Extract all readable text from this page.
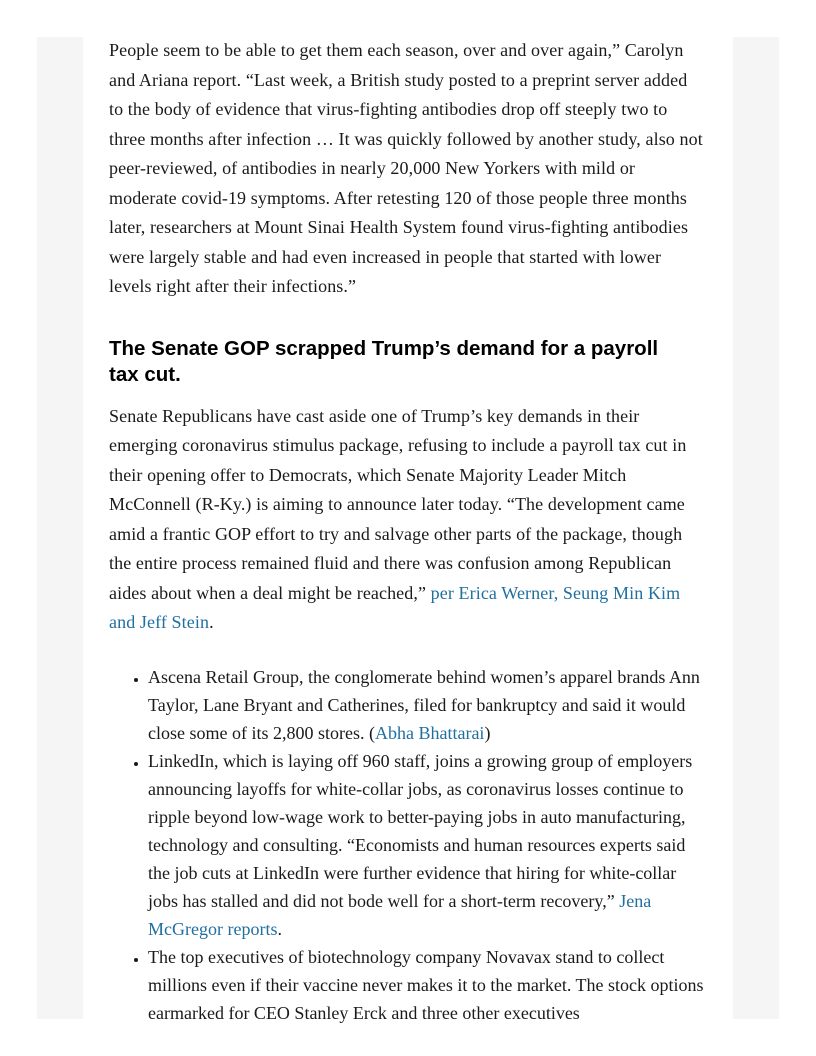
People seem to be able to get them each season, over and over again,” Carolyn and Ariana report. “Last week, a British study posted to a preprint server added to the body of evidence that virus-fighting antibodies drop off steeply two to three months after infection … It was quickly followed by another study, also not peer-reviewed, of antibodies in nearly 20,000 New Yorkers with mild or moderate covid-19 symptoms. After retesting 120 of those people three months later, researchers at Mount Sinai Health System found virus-fighting antibodies were largely stable and had even increased in people that started with lower levels right after their infections.”

The Senate GOP scrapped Trump’s demand for a payroll tax cut.

Senate Republicans have cast aside one of Trump’s key demands in their emerging coronavirus stimulus package, refusing to include a payroll tax cut in their opening offer to Democrats, which Senate Majority Leader Mitch McConnell (R-Ky.) is aiming to announce later today. “The development came amid a frantic GOP effort to try and salvage other parts of the package, though the entire process remained fluid and there was confusion among Republican aides about when a deal might be reached,” per Erica Werner, Seung Min Kim and Jeff Stein.

• Ascena Retail Group, the conglomerate behind women’s apparel brands Ann Taylor, Lane Bryant and Catherines, filed for bankruptcy and said it would close some of its 2,800 stores. (Abha Bhattarai)
• LinkedIn, which is laying off 960 staff, joins a growing group of employers announcing layoffs for white-collar jobs, as coronavirus losses continue to ripple beyond low-wage work to better-paying jobs in auto manufacturing, technology and consulting. “Economists and human resources experts said the job cuts at LinkedIn were further evidence that hiring for white-collar jobs has stalled and did not bode well for a short-term recovery,” Jena McGregor reports.
• The top executives of biotechnology company Novavax stand to collect millions even if their vaccine never makes it to the market. The stock options earmarked for CEO Stanley Erck and three other executives
